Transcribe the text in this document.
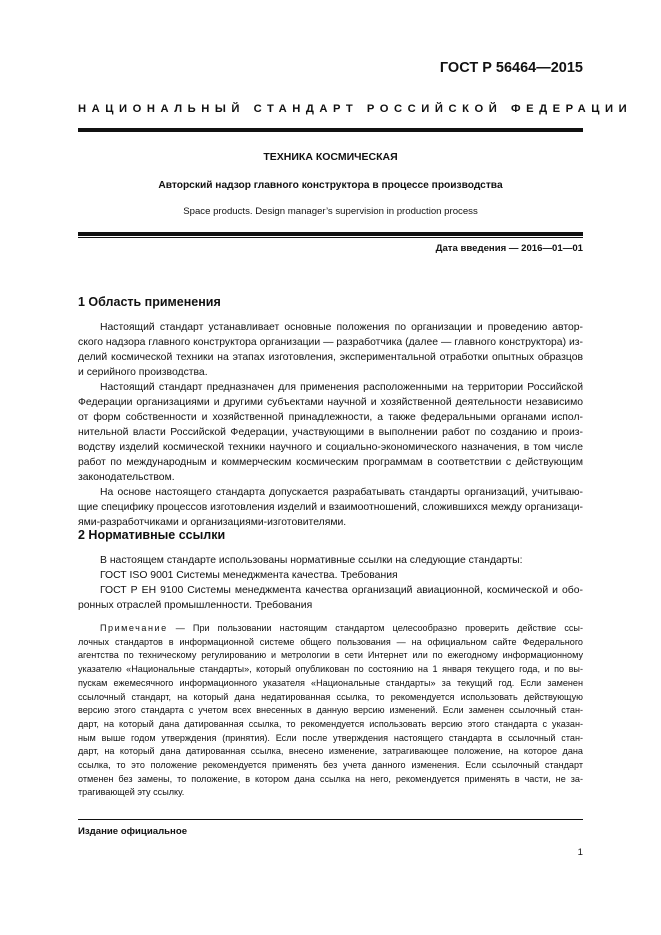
ГОСТ Р 56464—2015
НАЦИОНАЛЬНЫЙ СТАНДАРТ РОССИЙСКОЙ ФЕДЕРАЦИИ
ТЕХНИКА КОСМИЧЕСКАЯ
Авторский надзор главного конструктора в процессе производства
Space products. Design manager’s supervision in production process
Дата введения — 2016—01—01
1 Область применения

Настоящий стандарт устанавливает основные положения по организации и проведению автор-
ского надзора главного конструктора организации — разработчика (далее — главного конструктора) из-
делий космической техники на этапах изготовления, экспериментальной отработки опытных образцов
и серийного производства.

Настоящий стандарт предназначен для применения расположенными на территории Российской
Федерации организациями и другими субъектами научной и хозяйственной деятельности независимо
от форм собственности и хозяйственной принадлежности, а также федеральными органами испол-
нительной власти Российской Федерации, участвующими в выполнении работ по созданию и произ-
водству изделий космической техники научного и социально-экономического назначения, в том числе
работ по международным и коммерческим космическим программам в соответствии с действующим
законодательством.

На основе настоящего стандарта допускается разрабатывать стандарты организаций, учитываю-
щие специфику процессов изготовления изделий и взаимоотношений, сложившихся между организаци-
ями-разработчиками и организациями-изготовителями.

2 Нормативные ссылки

В настоящем стандарте использованы нормативные ссылки на следующие стандарты:

ГОСТ ISO 9001 Системы менеджмента качества. Требования

ГОСТ Р ЕН 9100 Системы менеджмента качества организаций авиационной, космической и обо-
ронных отраслей промышленности. Требования

Примечание — При пользовании настоящим стандартом целесообразно проверить действие ссы-
лочных стандартов в информационной системе общего пользования — на официальном сайте Федерального
агентства по техническому регулированию и метрологии в сети Интернет или по ежегодному информационному
указателю «Национальные стандарты», который опубликован по состоянию на 1 января текущего года, и по вы-
пускам ежемесячного информационного указателя «Национальные стандарты» за текущий год. Если заменен
ссылочный стандарт, на который дана недатированная ссылка, то рекомендуется использовать действующую
версию этого стандарта с учетом всех внесенных в данную версию изменений. Если заменен ссылочный стан-
дарт, на который дана датированная ссылка, то рекомендуется использовать версию этого стандарта с указан-
ным выше годом утверждения (принятия). Если после утверждения настоящего стандарта в ссылочный стан-
дарт, на который дана датированная ссылка, внесено изменение, затрагивающее положение, на которое дана
ссылка, то это положение рекомендуется применять без учета данного изменения. Если ссылочный стандарт
отменен без замены, то положение, в котором дана ссылка на него, рекомендуется применять в части, не за-
трагивающей эту ссылку.

Издание официальное
1
